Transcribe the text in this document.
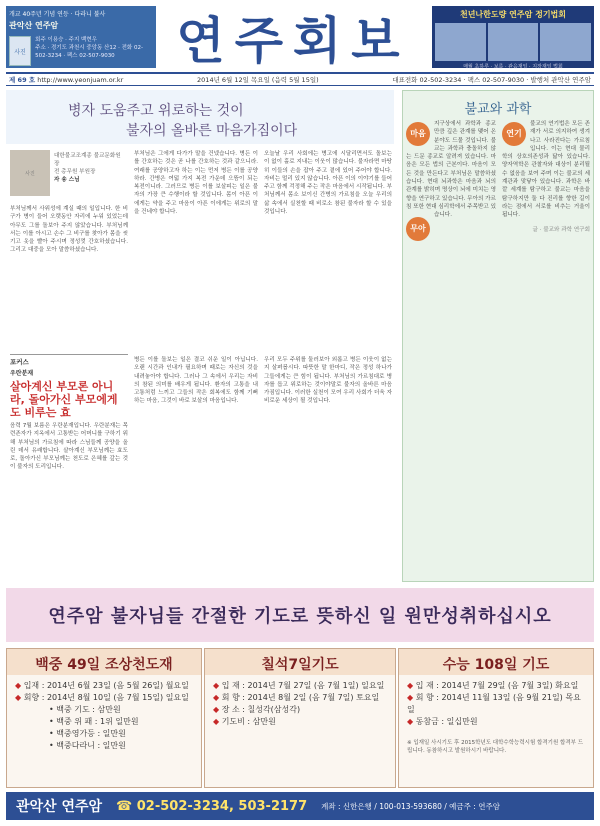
개교 40주년 기념 연등 · 다라니 불사
관악산 연주암
사진
회주 이용승 · 주지 백현우
주소 · 경기도 과천시 중앙동 산12 · 전화 02-502-3234 · 팩스 02-507-9030	연주회보	천년나한도량 연주암 정기법회
매월 초하루 · 보름 · 관음재일 · 지장재일 법회
제 69 호 http://www.yeonjuam.or.kr	2014년 6월 12일 목요일 (음력 5월 15일)	대표전화 02-502-3234 · 팩스 02-507-9030 · 발행처 관악산 연주암
병자 도움주고 위로하는 것이
불자의 올바른 마음가짐이다
사진
대한불교조계종 불교문화원장
전 총무원 부원장
자 송 스님
부처님께서 사위성에 계실 때의 일입니다. 한 비구가 병이 들어 오랫동안 자리에 누워 있었는데 아무도 그를 돌보아 주지 않았습니다. 부처님께서는 이를 아시고 손수 그 비구를 찾아가 몸을 씻기고 옷을 빨아 주시며 정성껏 간호하셨습니다. 그리고 대중을 모아 말씀하셨습니다.
부처님은 그에게 다가가 말을 건넸습니다. 병든 이를 간호하는 것은 곧 나를 간호하는 것과 같으니라. 여래를 공양하고자 하는 이는 먼저 병든 이를 공양하라. 간병은 여덟 가지 복전 가운데 으뜸이 되는 복전이니라. 그러므로 병든 이를 보살피는 일은 불자의 가장 큰 수행이라 할 것입니다. 몸이 아픈 이에게는 약을 주고 마음이 아픈 이에게는 위로의 말을 건네야 합니다.
오늘날 우리 사회에는 병고에 시달리면서도 돌보는 이 없이 홀로 지내는 이웃이 많습니다. 불자라면 마땅히 이들의 손을 잡아 주고 곁에 있어 주어야 합니다. 자비는 멀리 있지 않습니다. 아픈 이의 이야기를 들어 주고 함께 걱정해 주는 작은 마음에서 시작됩니다. 부처님께서 몸소 보이신 간병의 가르침을 오늘 우리의 삶 속에서 실천할 때 비로소 참된 불자라 할 수 있을 것입니다.
포커스
우란분재
살아계신 부모론 아니라, 돌아가신 부모에게도 비루는 효
음력 7월 보름은 우란분재입니다. 우란분재는 목련존자가 지옥에서 고통받는 어머니를 구하기 위해 부처님의 가르침에 따라 스님들께 공양을 올린 데서 유래합니다. 살아계신 부모님께는 효도로, 돌아가신 부모님께는 천도로 은혜를 갚는 것이 불자의 도리입니다.
병든 이를 돌보는 일은 결코 쉬운 일이 아닙니다. 오랜 시간과 인내가 필요하며 때로는 자신의 것을 내려놓아야 합니다. 그러나 그 속에서 우리는 자비의 참된 의미를 배우게 됩니다. 환자의 고통을 내 고통처럼 느끼고 그들의 작은 회복에도 함께 기뻐하는 마음, 그것이 바로 보살의 마음입니다.
우리 모두 주위를 둘러보아 외롭고 병든 이웃이 없는지 살펴봅시다. 따뜻한 말 한마디, 작은 정성 하나가 그들에게는 큰 힘이 됩니다. 부처님의 가르침대로 병자를 돕고 위로하는 것이야말로 불자의 올바른 마음가짐입니다. 이러한 실천이 모여 우리 사회가 더욱 자비로운 세상이 될 것입니다.
불교와 과학
마음
지구상에서 과학과 종교만큼 깊은 관계를 맺어 온 분야도 드물 것입니다. 불교는 과학과 충돌하지 않는 드문 종교로 알려져 있습니다. 마음은 모든 법의 근본이다. 마음이 모든 것을 만든다고 부처님은 말씀하셨습니다. 현대 뇌과학은 마음과 뇌의 관계를 밝히며 명상이 뇌에 미치는 영향을 연구하고 있습니다. 무아의 가르침 또한 현대 심리학에서 주목받고 있습니다.
무아
연기
불교의 연기법은 모든 존재가 서로 의지하여 생겨나고 사라진다는 가르침입니다. 이는 현대 물리학의 상호의존성과 닮아 있습니다. 양자역학은 관찰자와 대상이 분리될 수 없음을 보여 주며 이는 불교의 세계관과 맞닿아 있습니다. 과학은 바깥 세계를 탐구하고 불교는 마음을 탐구하지만 둘 다 진리를 향한 길이라는 점에서 서로를 비추는 거울이 됩니다.
글 · 불교와 과학 연구회
연주암 불자님들 간절한 기도로 뜻하신 일 원만성취하십시오
백중 49일 조상천도재
◆ 입재 : 2014년 6월 23일 (음 5월 26일) 월요일
◆ 회향 : 2014년 8월 10일 (음 7월 15일) 일요일
• 백중 기도 : 삼만원
• 백중 위 패 : 1위 일만원
• 백중영가등 : 일만원
• 백중다라니 : 일만원
칠석7일기도
◆ 입 재 : 2014년 7월 27일 (음 7월 1일) 일요일
◆ 회 향 : 2014년 8월 2일 (음 7월 7일) 토요일
◆ 장 소 : 칠성각(삼성각)
◆ 기도비 : 삼만원
수능 108일 기도
◆ 입 재 : 2014년 7월 29일 (음 7월 3일) 화요일
◆ 회 향 : 2014년 11월 13일 (음 9월 21일) 목요일
◆ 동참금 : 일십만원
※ 입재일 사시기도 후 2015학년도 대학수학능력시험 합격기원 합격부 드립니다. 동참하시고 발원하시기 바랍니다.
관악산 연주암 ☎ 02-502-3234, 503-2177 계좌 : 신한은행 / 100-013-593680 / 예금주 : 연주암
